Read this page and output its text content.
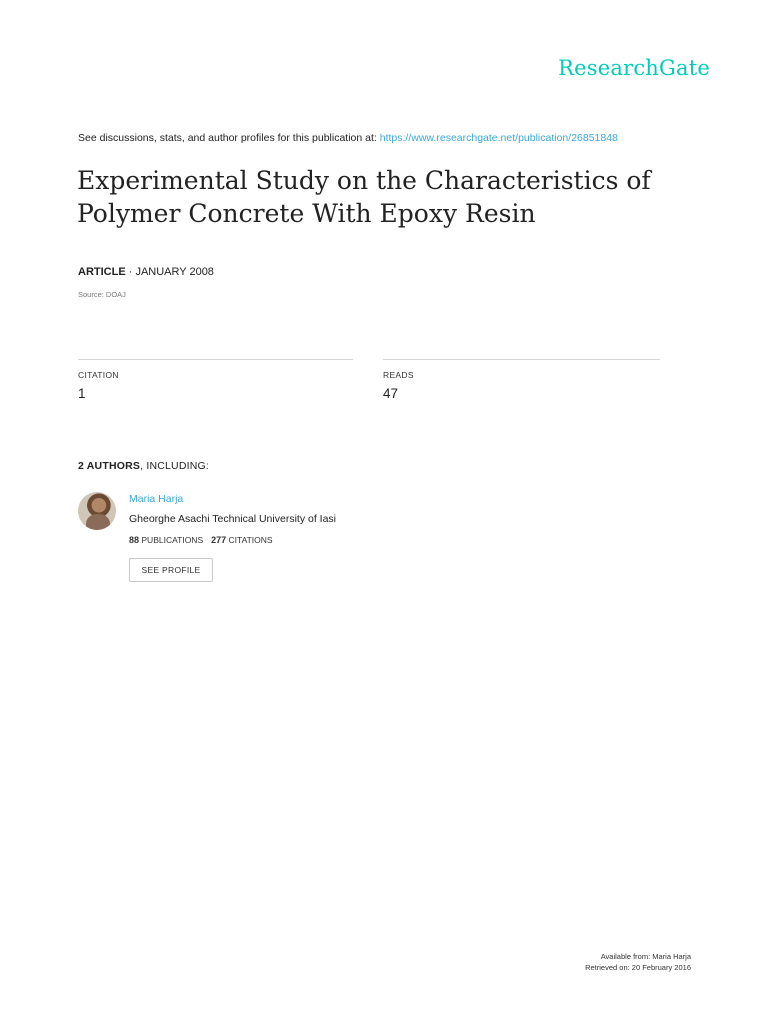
ResearchGate
See discussions, stats, and author profiles for this publication at: https://www.researchgate.net/publication/26851848
Experimental Study on the Characteristics of Polymer Concrete With Epoxy Resin
ARTICLE · JANUARY 2008
Source: DOAJ
CITATION
1
READS
47
2 AUTHORS, INCLUDING:
Maria Harja
Gheorghe Asachi Technical University of Iasi
88 PUBLICATIONS 277 CITATIONS
SEE PROFILE
Available from: Maria Harja
Retrieved on: 20 February 2016
